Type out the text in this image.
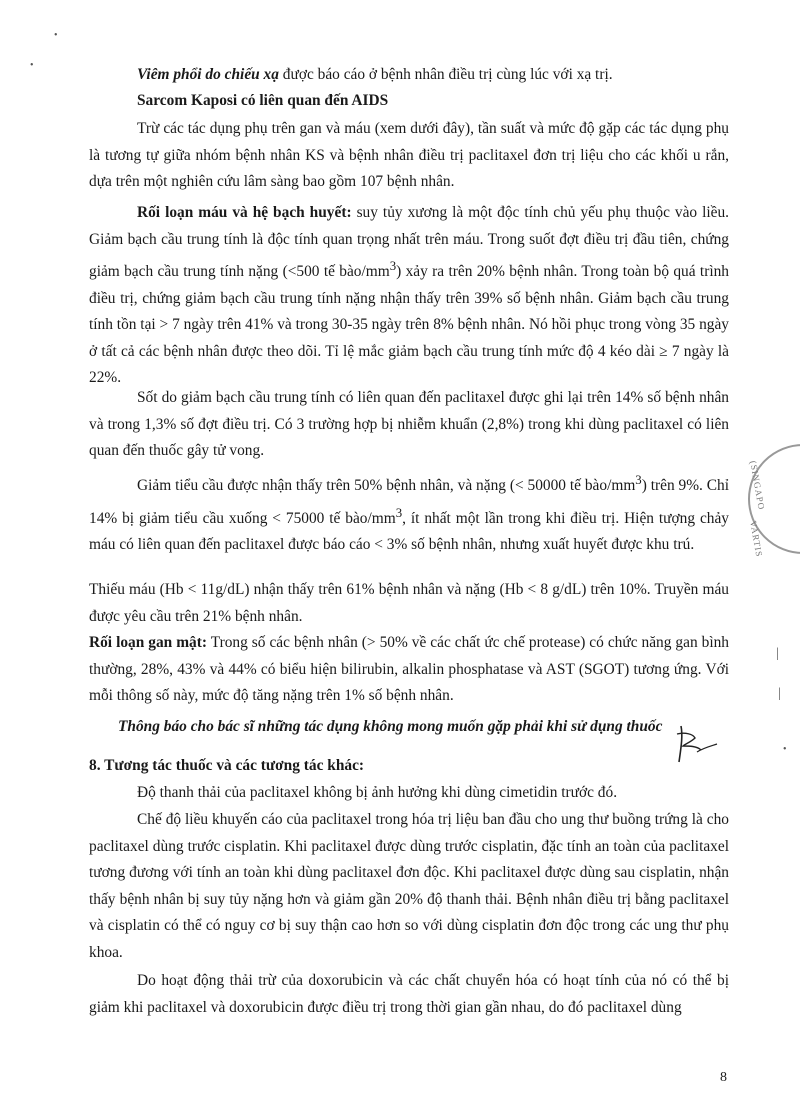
•
•
|
|
•
(SINGAPO
VARTIS

Viêm phổi do chiếu xạ được báo cáo ở bệnh nhân điều trị cùng lúc với xạ trị.

Sarcom Kaposi có liên quan đến AIDS

Trừ các tác dụng phụ trên gan và máu (xem dưới đây), tần suất và mức độ gặp các tác dụng phụ là tương tự giữa nhóm bệnh nhân KS và bệnh nhân điều trị paclitaxel đơn trị liệu cho các khối u rắn, dựa trên một nghiên cứu lâm sàng bao gồm 107 bệnh nhân.

Rối loạn máu và hệ bạch huyết: suy tủy xương là một độc tính chủ yếu phụ thuộc vào liều. Giảm bạch cầu trung tính là độc tính quan trọng nhất trên máu. Trong suốt đợt điều trị đầu tiên, chứng giảm bạch cầu trung tính nặng (<500 tế bào/$mm^3$) xảy ra trên 20% bệnh nhân. Trong toàn bộ quá trình điều trị, chứng giảm bạch cầu trung tính nặng nhận thấy trên 39% số bệnh nhân. Giảm bạch cầu trung tính tồn tại > 7 ngày trên 41% và trong 30-35 ngày trên 8% bệnh nhân. Nó hồi phục trong vòng 35 ngày ở tất cả các bệnh nhân được theo dõi. Tỉ lệ mắc giảm bạch cầu trung tính mức độ 4 kéo dài ≥ 7 ngày là 22%.

Sốt do giảm bạch cầu trung tính có liên quan đến paclitaxel được ghi lại trên 14% số bệnh nhân và trong 1,3% số đợt điều trị. Có 3 trường hợp bị nhiễm khuẩn (2,8%) trong khi dùng paclitaxel có liên quan đến thuốc gây tử vong.

Giảm tiểu cầu được nhận thấy trên 50% bệnh nhân, và nặng (< 50000 tế bào/$mm^3$) trên 9%. Chỉ 14% bị giảm tiểu cầu xuống < 75000 tế bào/$mm^3$, ít nhất một lần trong khi điều trị. Hiện tượng chảy máu có liên quan đến paclitaxel được báo cáo < 3% số bệnh nhân, nhưng xuất huyết được khu trú.

Thiếu máu (Hb < 11g/dL) nhận thấy trên 61% bệnh nhân và nặng (Hb < 8 g/dL) trên 10%. Truyền máu được yêu cầu trên 21% bệnh nhân.

Rối loạn gan mật: Trong số các bệnh nhân (> 50% về các chất ức chế protease) có chức năng gan bình thường, 28%, 43% và 44% có biểu hiện bilirubin, alkalin phosphatase và AST (SGOT) tương ứng. Với mỗi thông số này, mức độ tăng nặng trên 1% số bệnh nhân.

Thông báo cho bác sĩ những tác dụng không mong muốn gặp phải khi sử dụng thuốc

8. Tương tác thuốc và các tương tác khác:

Độ thanh thải của paclitaxel không bị ảnh hưởng khi dùng cimetidin trước đó.

Chế độ liều khuyến cáo của paclitaxel trong hóa trị liệu ban đầu cho ung thư buồng trứng là cho paclitaxel dùng trước cisplatin. Khi paclitaxel được dùng trước cisplatin, đặc tính an toàn của paclitaxel tương đương với tính an toàn khi dùng paclitaxel đơn độc. Khi paclitaxel được dùng sau cisplatin, nhận thấy bệnh nhân bị suy tủy nặng hơn và giảm gần 20% độ thanh thải. Bệnh nhân điều trị bằng paclitaxel và cisplatin có thể có nguy cơ bị suy thận cao hơn so với dùng cisplatin đơn độc trong các ung thư phụ khoa.

Do hoạt động thải trừ của doxorubicin và các chất chuyển hóa có hoạt tính của nó có thể bị giảm khi paclitaxel và doxorubicin được điều trị trong thời gian gần nhau, do đó paclitaxel dùng

8
